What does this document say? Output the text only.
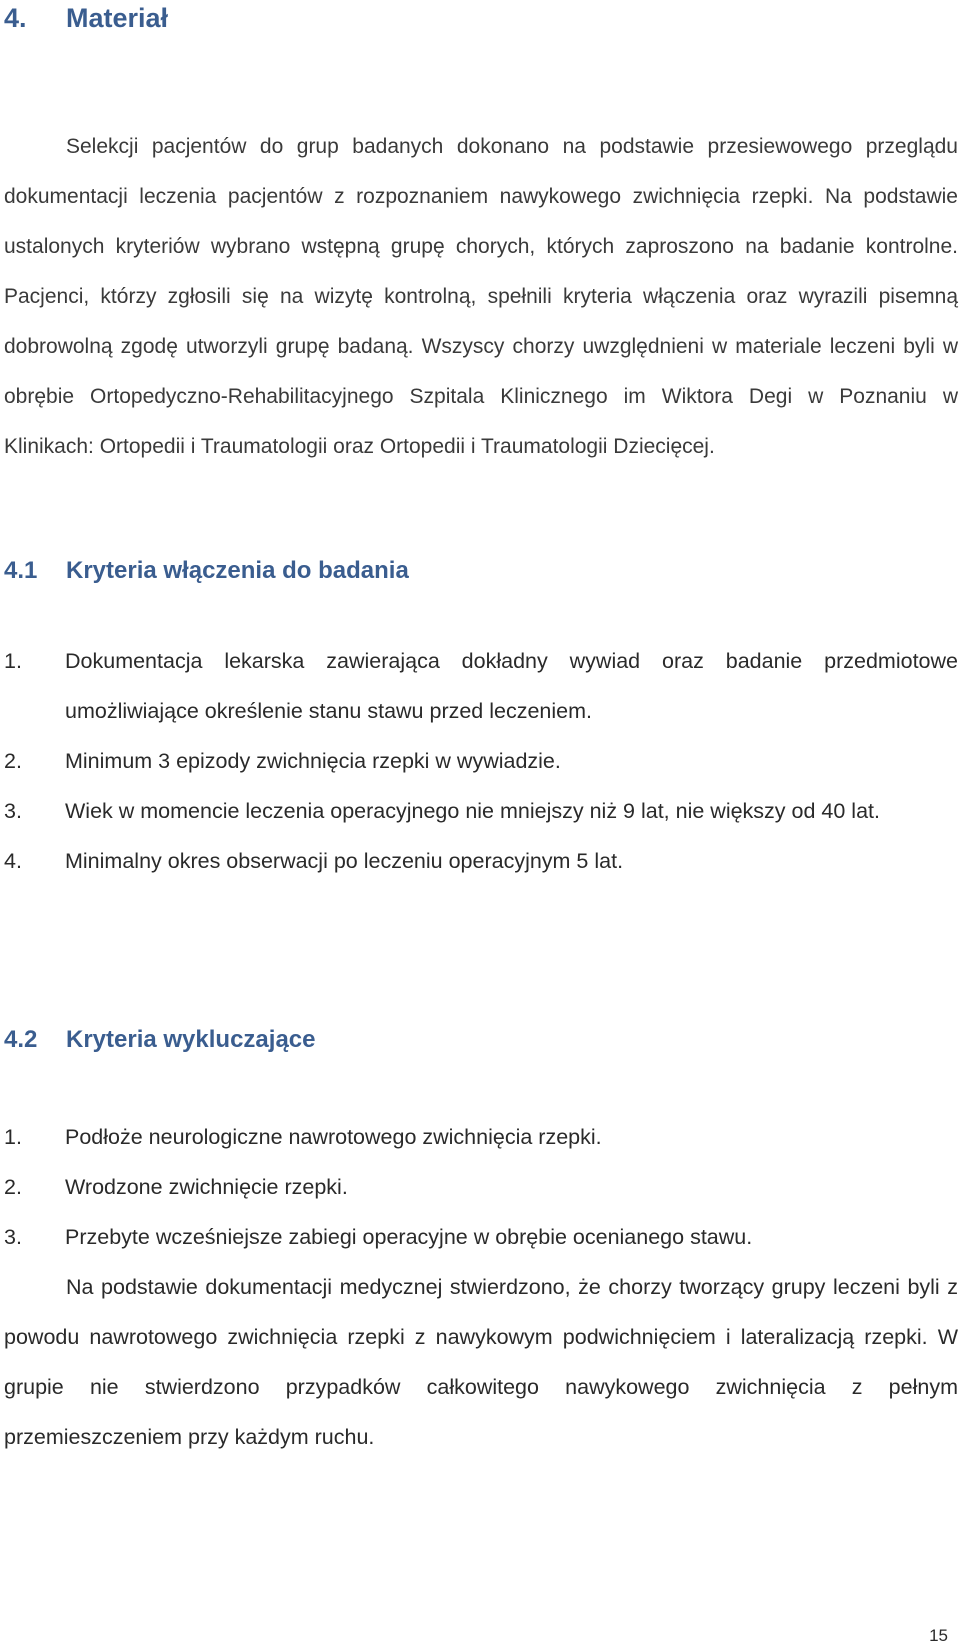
4. Materiał

Selekcji pacjentów do grup badanych dokonano na podstawie przesiewowego przeglądu dokumentacji leczenia pacjentów z rozpoznaniem nawykowego zwichnięcia rzepki. Na podstawie ustalonych kryteriów wybrano wstępną grupę chorych, których zaproszono na badanie kontrolne. Pacjenci, którzy zgłosili się na wizytę kontrolną, spełnili kryteria włączenia oraz wyrazili pisemną dobrowolną zgodę utworzyli grupę badaną. Wszyscy chorzy uwzględnieni w materiale leczeni byli w obrębie Ortopedyczno-Rehabilitacyjnego Szpitala Klinicznego im Wiktora Degi w Poznaniu w Klinikach: Ortopedii i Traumatologii oraz Ortopedii i Traumatologii Dziecięcej.

4.1 Kryteria włączenia do badania
1. Dokumentacja lekarska zawierająca dokładny wywiad oraz badanie przedmiotowe umożliwiające określenie stanu stawu przed leczeniem.
2. Minimum 3 epizody zwichnięcia rzepki w wywiadzie.
3. Wiek w momencie leczenia operacyjnego nie mniejszy niż 9 lat, nie większy od 40 lat.
4. Minimalny okres obserwacji po leczeniu operacyjnym 5 lat.
4.2 Kryteria wykluczające
1. Podłoże neurologiczne nawrotowego zwichnięcia rzepki.
2. Wrodzone zwichnięcie rzepki.
3. Przebyte wcześniejsze zabiegi operacyjne w obrębie ocenianego stawu.

Na podstawie dokumentacji medycznej stwierdzono, że chorzy tworzący grupy leczeni byli z powodu nawrotowego zwichnięcia rzepki z nawykowym podwichnięciem i lateralizacją rzepki. W grupie nie stwierdzono przypadków całkowitego nawykowego zwichnięcia z pełnym przemieszczeniem przy każdym ruchu.

15
